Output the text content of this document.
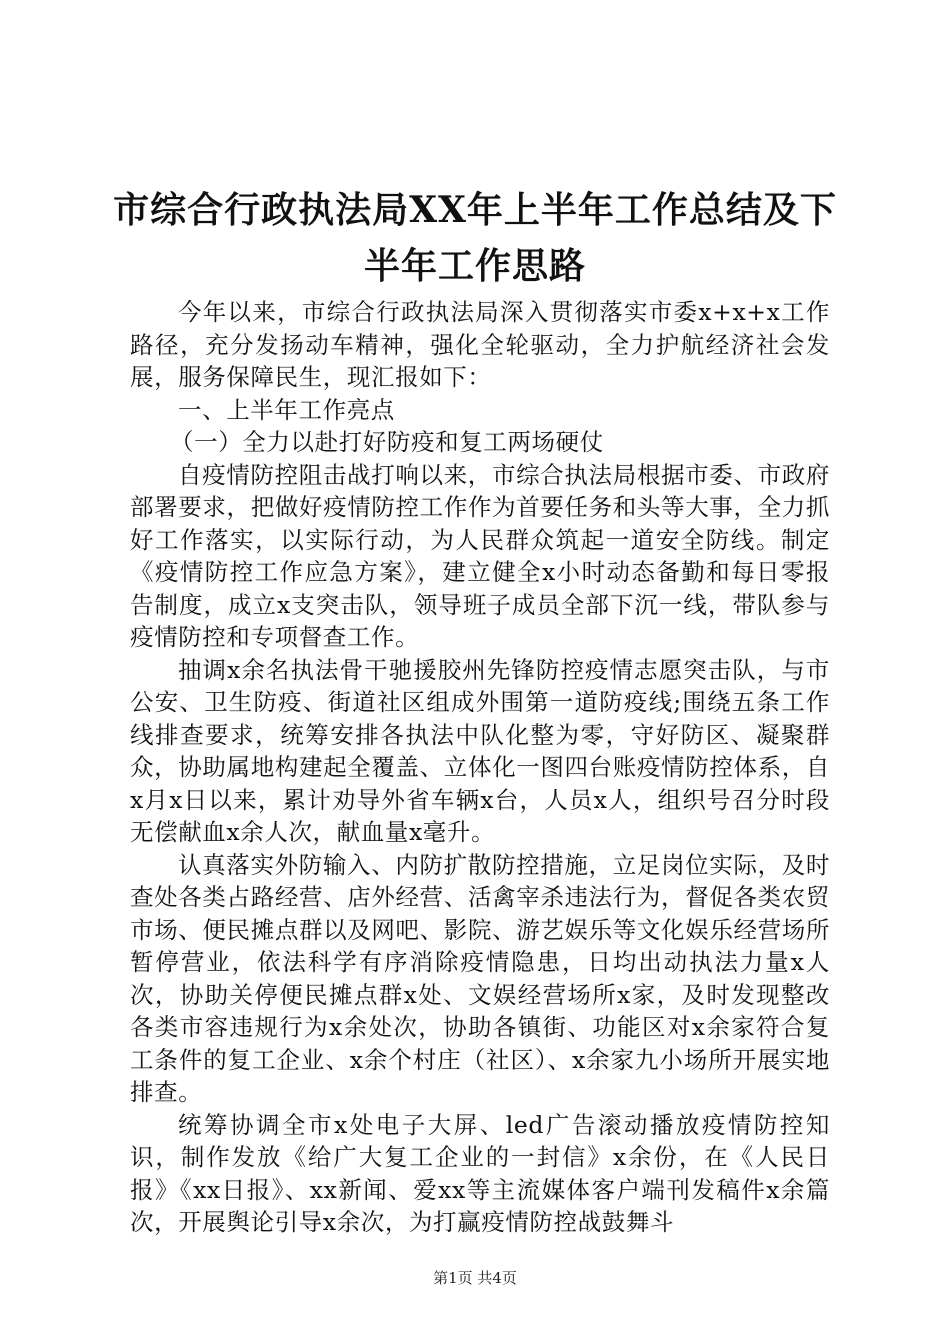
市综合行政执法局XX年上半年工作总结及下
半年工作思路

今年以来，市综合行政执法局深入贯彻落实市委x+x+x工作路径，充分发扬动车精神，强化全轮驱动，全力护航经济社会发展，服务保障民生，现汇报如下：

一、上半年工作亮点

（一）全力以赴打好防疫和复工两场硬仗

自疫情防控阻击战打响以来，市综合执法局根据市委、市政府部署要求，把做好疫情防控工作作为首要任务和头等大事，全力抓好工作落实，以实际行动，为人民群众筑起一道安全防线。制定《疫情防控工作应急方案》，建立健全x小时动态备勤和每日零报告制度，成立x支突击队，领导班子成员全部下沉一线，带队参与疫情防控和专项督查工作。

抽调x余名执法骨干驰援胶州先锋防控疫情志愿突击队，与市公安、卫生防疫、街道社区组成外围第一道防疫线;围绕五条工作线排查要求，统筹安排各执法中队化整为零，守好防区、凝聚群众，协助属地构建起全覆盖、立体化一图四台账疫情防控体系，自x月x日以来，累计劝导外省车辆x台，人员x人，组织号召分时段无偿献血x余人次，献血量x毫升。

认真落实外防输入、内防扩散防控措施，立足岗位实际，及时查处各类占路经营、店外经营、活禽宰杀违法行为，督促各类农贸市场、便民摊点群以及网吧、影院、游艺娱乐等文化娱乐经营场所暂停营业，依法科学有序消除疫情隐患，日均出动执法力量x人次，协助关停便民摊点群x处、文娱经营场所x家，及时发现整改各类市容违规行为x余处次，协助各镇街、功能区对x余家符合复工条件的复工企业、x余个村庄（社区）、x余家九小场所开展实地排查。

统筹协调全市x处电子大屏、led广告滚动播放疫情防控知识，制作发放《给广大复工企业的一封信》x余份，在《人民日报》《xx日报》、xx新闻、爱xx等主流媒体客户端刊发稿件x余篇次，开展舆论引导x余次，为打赢疫情防控战鼓舞斗

第1页 共4页
